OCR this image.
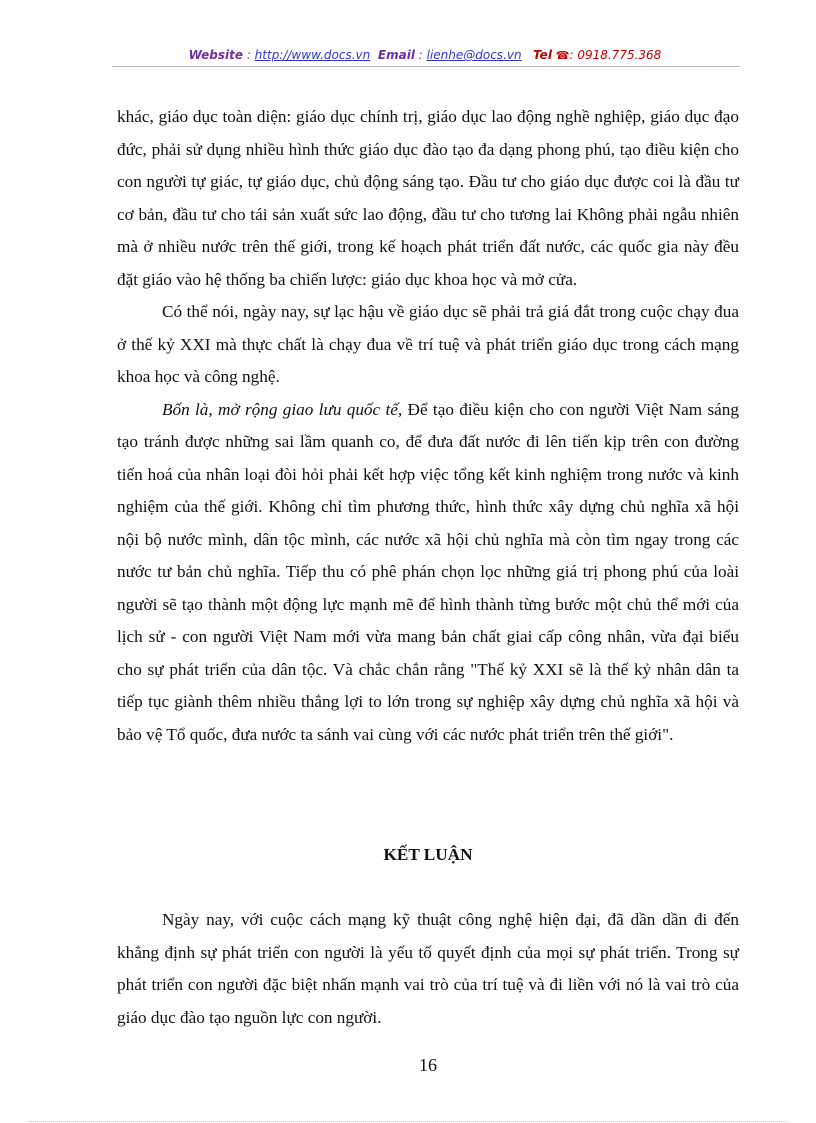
Website : http://www.docs.vn Email : lienhe@docs.vn Tel ☎: 0918.775.368

khác, giáo dục toàn diện: giáo dục chính trị, giáo dục lao động nghề nghiệp, giáo dục đạo đức, phải sử dụng nhiều hình thức giáo dục đào tạo đa dạng phong phú, tạo điều kiện cho con người tự giác, tự giáo dục, chủ động sáng tạo. Đầu tư cho giáo dục được coi là đầu tư cơ bản, đầu tư cho tái sản xuất sức lao động, đầu tư cho tương lai Không phải ngẫu nhiên mà ở nhiều nước trên thế giới, trong kế hoạch phát triển đất nước, các quốc gia này đều đặt giáo vào hệ thống ba chiến lược: giáo dục khoa học và mở cửa.

Có thể nói, ngày nay, sự lạc hậu về giáo dục sẽ phải trả giá đắt trong cuộc chạy đua ở thế kỷ XXI mà thực chất là chạy đua về trí tuệ và phát triển giáo dục trong cách mạng khoa học và công nghệ.

Bốn là, mở rộng giao lưu quốc tế, Để tạo điều kiện cho con người Việt Nam sáng tạo tránh được những sai lầm quanh co, để đưa đất nước đi lên tiến kịp trên con đường tiến hoá của nhân loại đòi hỏi phải kết hợp việc tổng kết kinh nghiệm trong nước và kinh nghiệm của thế giới. Không chỉ tìm phương thức, hình thức xây dựng chủ nghĩa xã hội nội bộ nước mình, dân tộc mình, các nước xã hội chủ nghĩa mà còn tìm ngay trong các nước tư bản chủ nghĩa. Tiếp thu có phê phán chọn lọc những giá trị phong phú của loài người sẽ tạo thành một động lực mạnh mẽ để hình thành từng bước một chủ thể mới của lịch sử - con người Việt Nam mới vừa mang bản chất giai cấp công nhân, vừa đại biểu cho sự phát triển của dân tộc. Và chắc chắn rằng "Thế kỷ XXI sẽ là thế kỷ nhân dân ta tiếp tục giành thêm nhiều thắng lợi to lớn trong sự nghiệp xây dựng chủ nghĩa xã hội và bảo vệ Tổ quốc, đưa nước ta sánh vai cùng với các nước phát triển trên thế giới".

KẾT LUẬN

Ngày nay, với cuộc cách mạng kỹ thuật công nghệ hiện đại, đã dần dần đi đến khẳng định sự phát triển con người là yếu tố quyết định của mọi sự phát triển. Trong sự phát triển con người đặc biệt nhấn mạnh vai trò của trí tuệ và đi liền với nó là vai trò của giáo dục đào tạo nguồn lực con người.

16
